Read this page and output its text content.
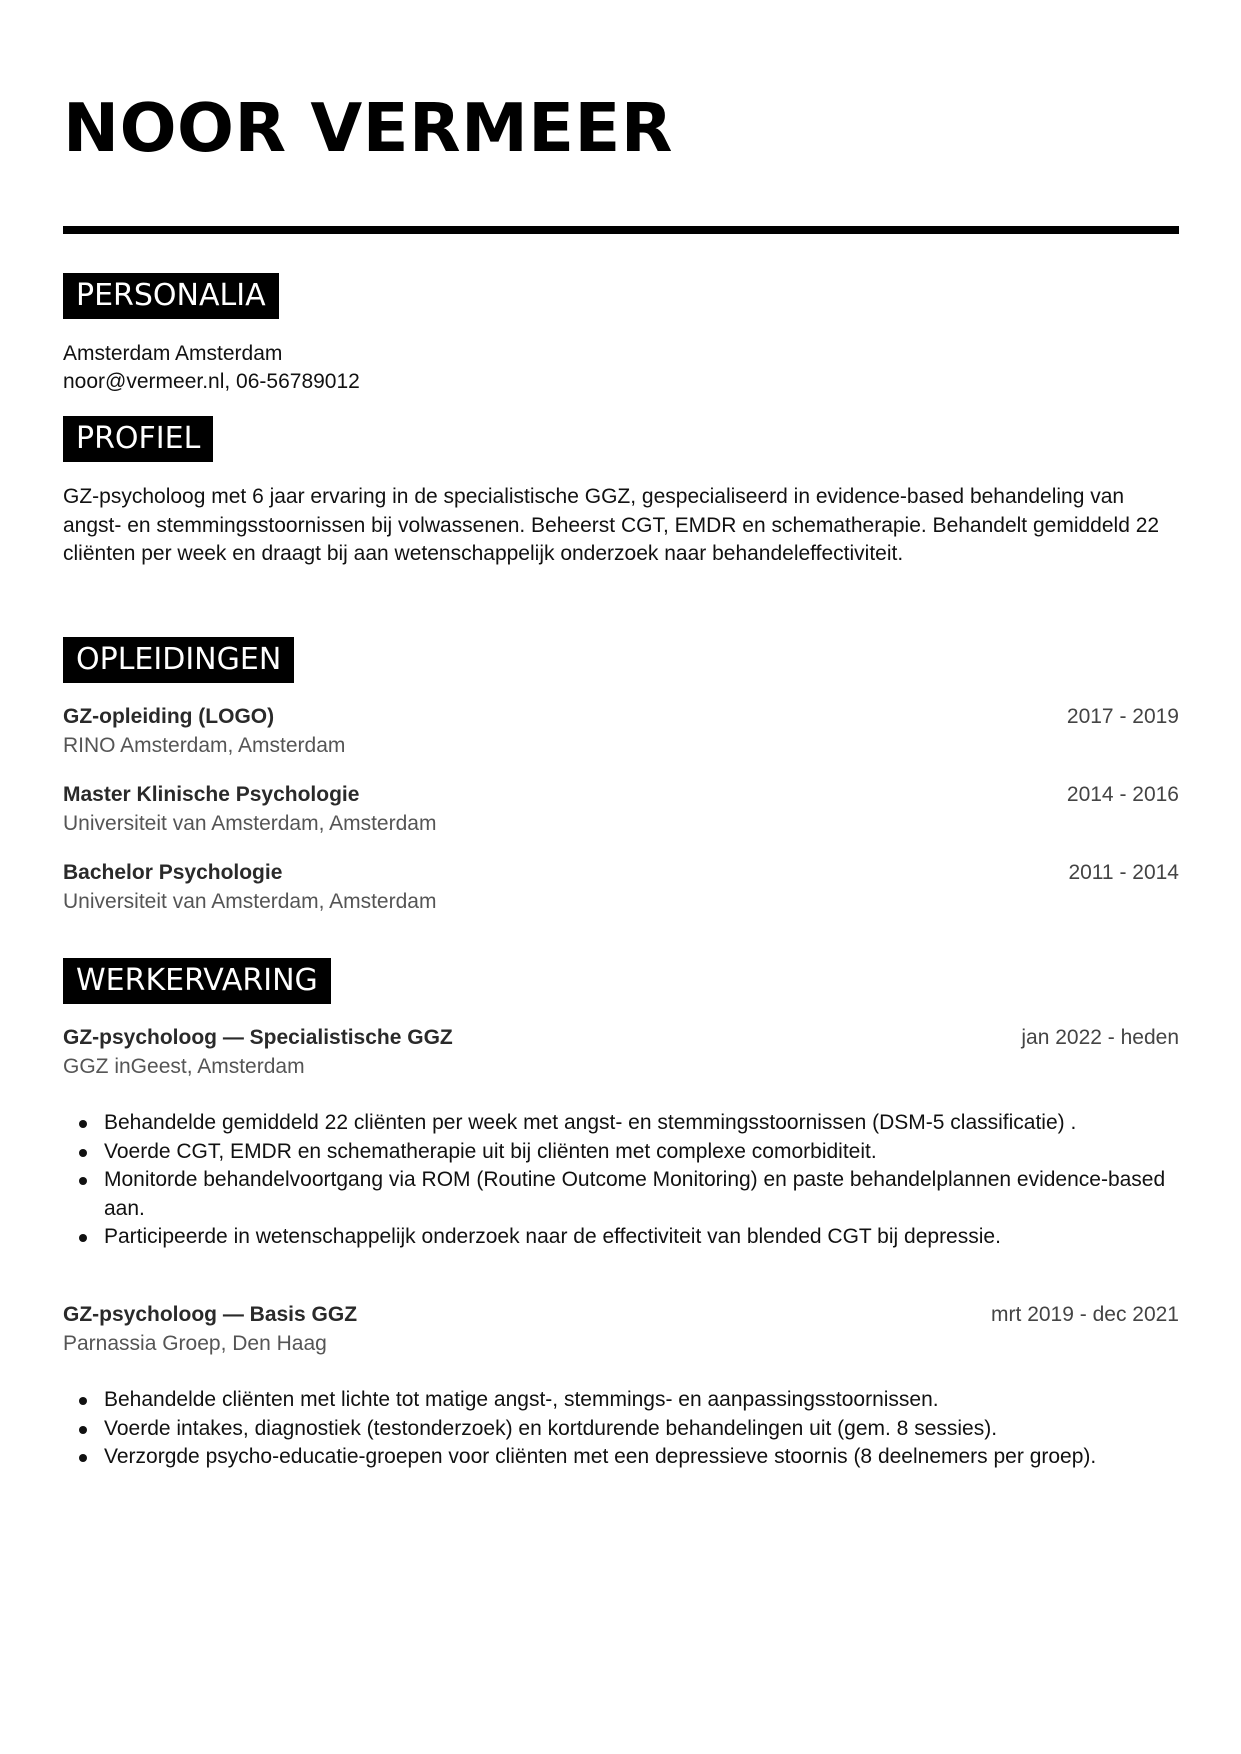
NOOR VERMEER
PERSONALIA
Amsterdam Amsterdam
noor@vermeer.nl, 06-56789012
PROFIEL
GZ-psycholoog met 6 jaar ervaring in de specialistische GGZ, gespecialiseerd in evidence-based behandeling van angst- en stemmingsstoornissen bij volwassenen. Beheerst CGT, EMDR en schematherapie. Behandelt gemiddeld 22 cliënten per week en draagt bij aan wetenschappelijk onderzoek naar behandeleffectiviteit.
OPLEIDINGEN
GZ-opleiding (LOGO)
RINO Amsterdam, Amsterdam
2017 - 2019
Master Klinische Psychologie
Universiteit van Amsterdam, Amsterdam
2014 - 2016
Bachelor Psychologie
Universiteit van Amsterdam, Amsterdam
2011 - 2014
WERKERVARING
GZ-psycholoog — Specialistische GGZ
GGZ inGeest, Amsterdam
jan 2022 - heden
Behandelde gemiddeld 22 cliënten per week met angst- en stemmingsstoornissen (DSM-5 classificatie) .
Voerde CGT, EMDR en schematherapie uit bij cliënten met complexe comorbiditeit.
Monitorde behandelvoortgang via ROM (Routine Outcome Monitoring) en paste behandelplannen evidence-based aan.
Participeerde in wetenschappelijk onderzoek naar de effectiviteit van blended CGT bij depressie.
GZ-psycholoog — Basis GGZ
Parnassia Groep, Den Haag
mrt 2019 - dec 2021
Behandelde cliënten met lichte tot matige angst-, stemmings- en aanpassingsstoornissen.
Voerde intakes, diagnostiek (testonderzoek) en kortdurende behandelingen uit (gem. 8 sessies).
Verzorgde psycho-educatie-groepen voor cliënten met een depressieve stoornis (8 deelnemers per groep).
